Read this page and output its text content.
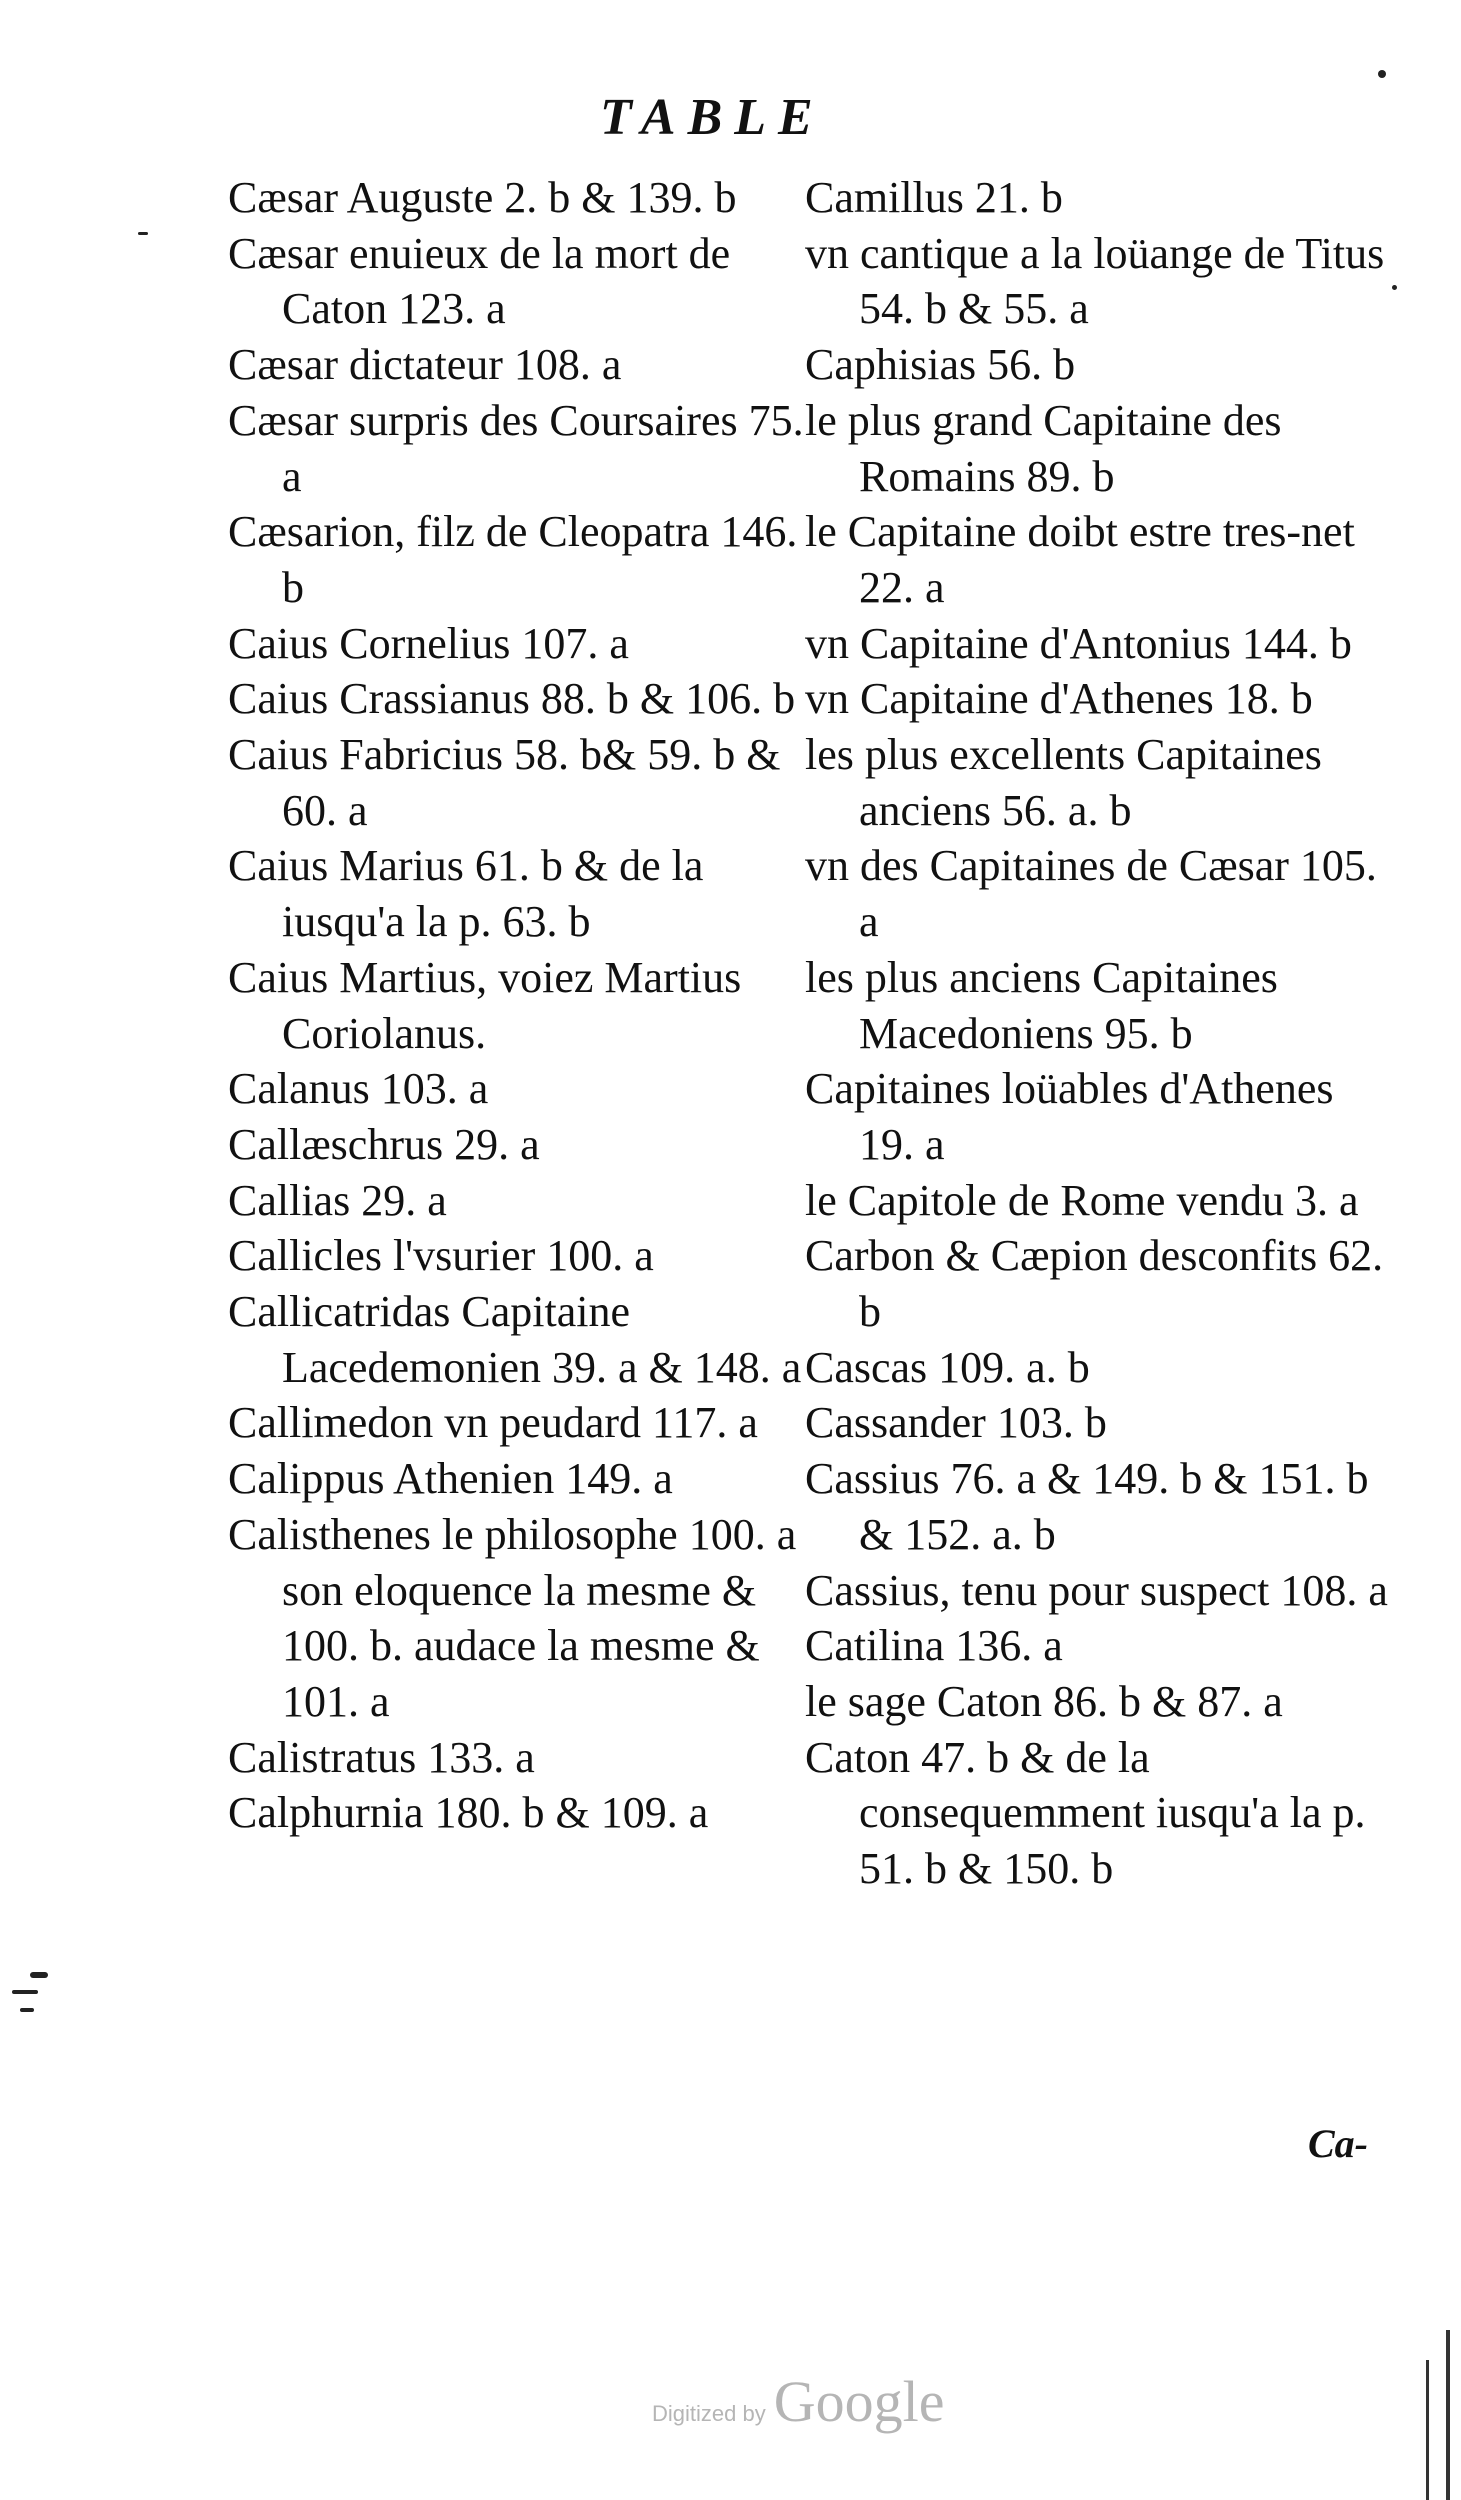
TABLE

Cæsar Auguste 2. b & 139. b

Cæsar enuieux de la mort de Caton 123. a

Cæsar dictateur 108. a

Cæsar surpris des Coursaires 75. a

Cæsarion, filz de Cleopatra 146. b

Caius Cornelius 107. a

Caius Crassianus 88. b & 106. b

Caius Fabricius 58. b& 59. b & 60. a

Caius Marius 61. b & de la iusqu'a la p. 63. b

Caius Martius, voiez Martius Coriolanus.

Calanus 103. a

Callæschrus 29. a

Callias 29. a

Callicles l'vsurier 100. a

Callicatridas Capitaine Lacedemonien 39. a & 148. a

Callimedon vn peudard 117. a

Calippus Athenien 149. a

Calisthenes le philosophe 100. a son eloquence la mesme & 100. b. audace la mesme & 101. a

Calistratus 133. a

Calphurnia 180. b & 109. a

Camillus 21. b

vn cantique a la loüange de Titus 54. b & 55. a

Caphisias 56. b

le plus grand Capitaine des Romains 89. b

le Capitaine doibt estre tres-net 22. a

vn Capitaine d'Antonius 144. b

vn Capitaine d'Athenes 18. b

les plus excellents Capitaines anciens 56. a. b

vn des Capitaines de Cæsar 105. a

les plus anciens Capitaines Macedoniens 95. b

Capitaines loüables d'Athenes 19. a

le Capitole de Rome vendu 3. a

Carbon & Cæpion desconfits 62. b

Cascas 109. a. b

Cassander 103. b

Cassius 76. a & 149. b & 151. b & 152. a. b

Cassius, tenu pour suspect 108. a

Catilina 136. a

le sage Caton 86. b & 87. a

Caton 47. b & de la consequemment iusqu'a la p. 51. b & 150. b

Ca-
Digitized by Google
